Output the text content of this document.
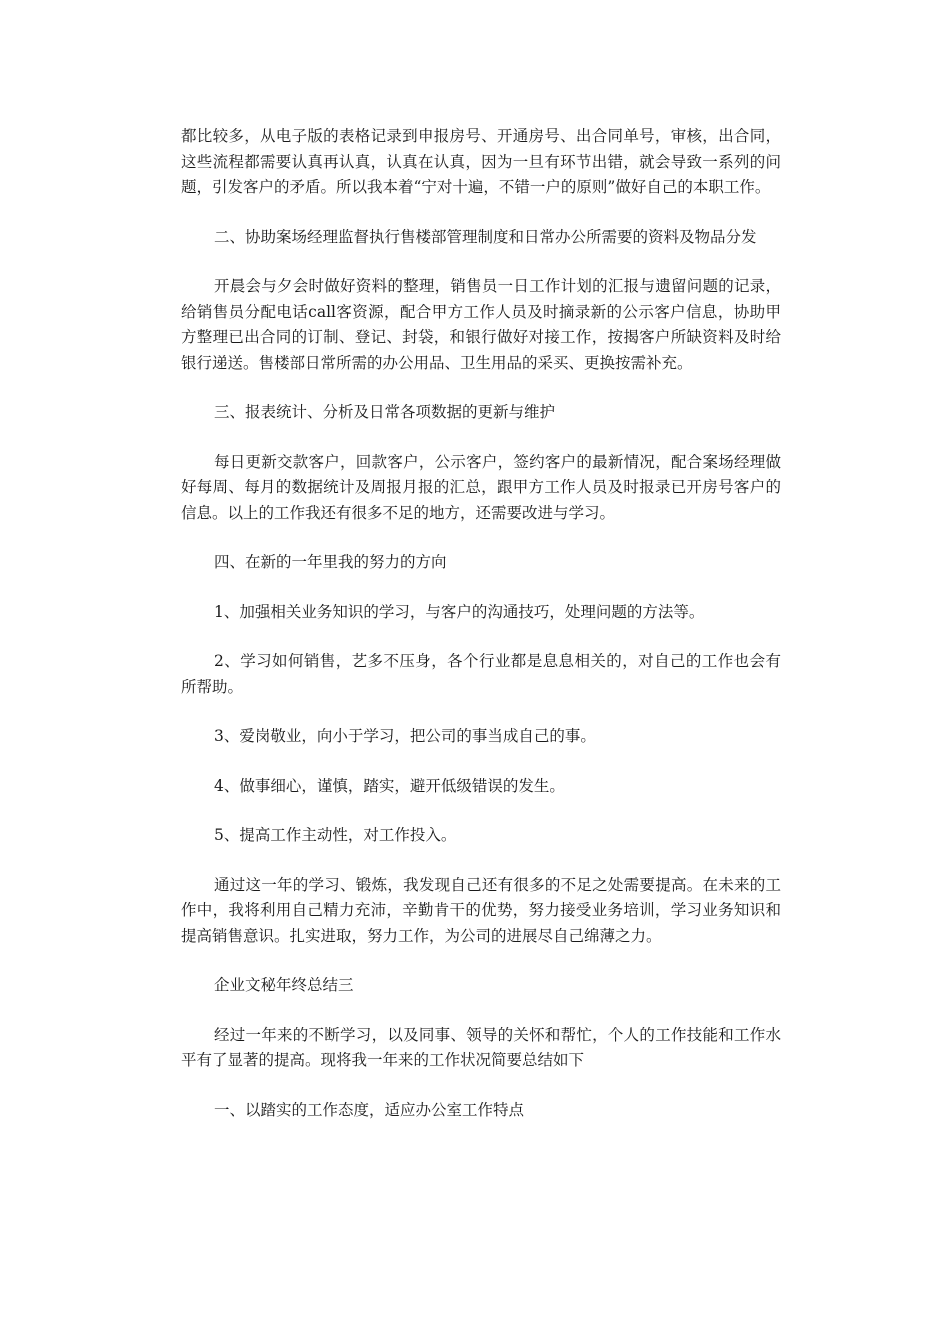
都比较多，从电子版的表格记录到申报房号、开通房号、出合同单号，审核，出合同，这些流程都需要认真再认真，认真在认真，因为一旦有环节出错，就会导致一系列的问题，引发客户的矛盾。所以我本着“宁对十遍，不错一户的原则”做好自己的本职工作。

二、协助案场经理监督执行售楼部管理制度和日常办公所需要的资料及物品分发

开晨会与夕会时做好资料的整理，销售员一日工作计划的汇报与遗留问题的记录，给销售员分配电话call客资源，配合甲方工作人员及时摘录新的公示客户信息，协助甲方整理已出合同的订制、登记、封袋，和银行做好对接工作，按揭客户所缺资料及时给银行递送。售楼部日常所需的办公用品、卫生用品的采买、更换按需补充。

三、报表统计、分析及日常各项数据的更新与维护

每日更新交款客户，回款客户，公示客户，签约客户的最新情况，配合案场经理做好每周、每月的数据统计及周报月报的汇总，跟甲方工作人员及时报录已开房号客户的信息。以上的工作我还有很多不足的地方，还需要改进与学习。

四、在新的一年里我的努力的方向

1、加强相关业务知识的学习，与客户的沟通技巧，处理问题的方法等。

2、学习如何销售，艺多不压身，各个行业都是息息相关的，对自己的工作也会有所帮助。

3、爱岗敬业，向小于学习，把公司的事当成自己的事。

4、做事细心，谨慎，踏实，避开低级错误的发生。

5、提高工作主动性，对工作投入。

通过这一年的学习、锻炼，我发现自己还有很多的不足之处需要提高。在未来的工作中，我将利用自己精力充沛，辛勤肯干的优势，努力接受业务培训，学习业务知识和提高销售意识。扎实进取，努力工作，为公司的进展尽自己绵薄之力。

企业文秘年终总结三

经过一年来的不断学习，以及同事、领导的关怀和帮忙，个人的工作技能和工作水平有了显著的提高。现将我一年来的工作状况简要总结如下

一、以踏实的工作态度，适应办公室工作特点
